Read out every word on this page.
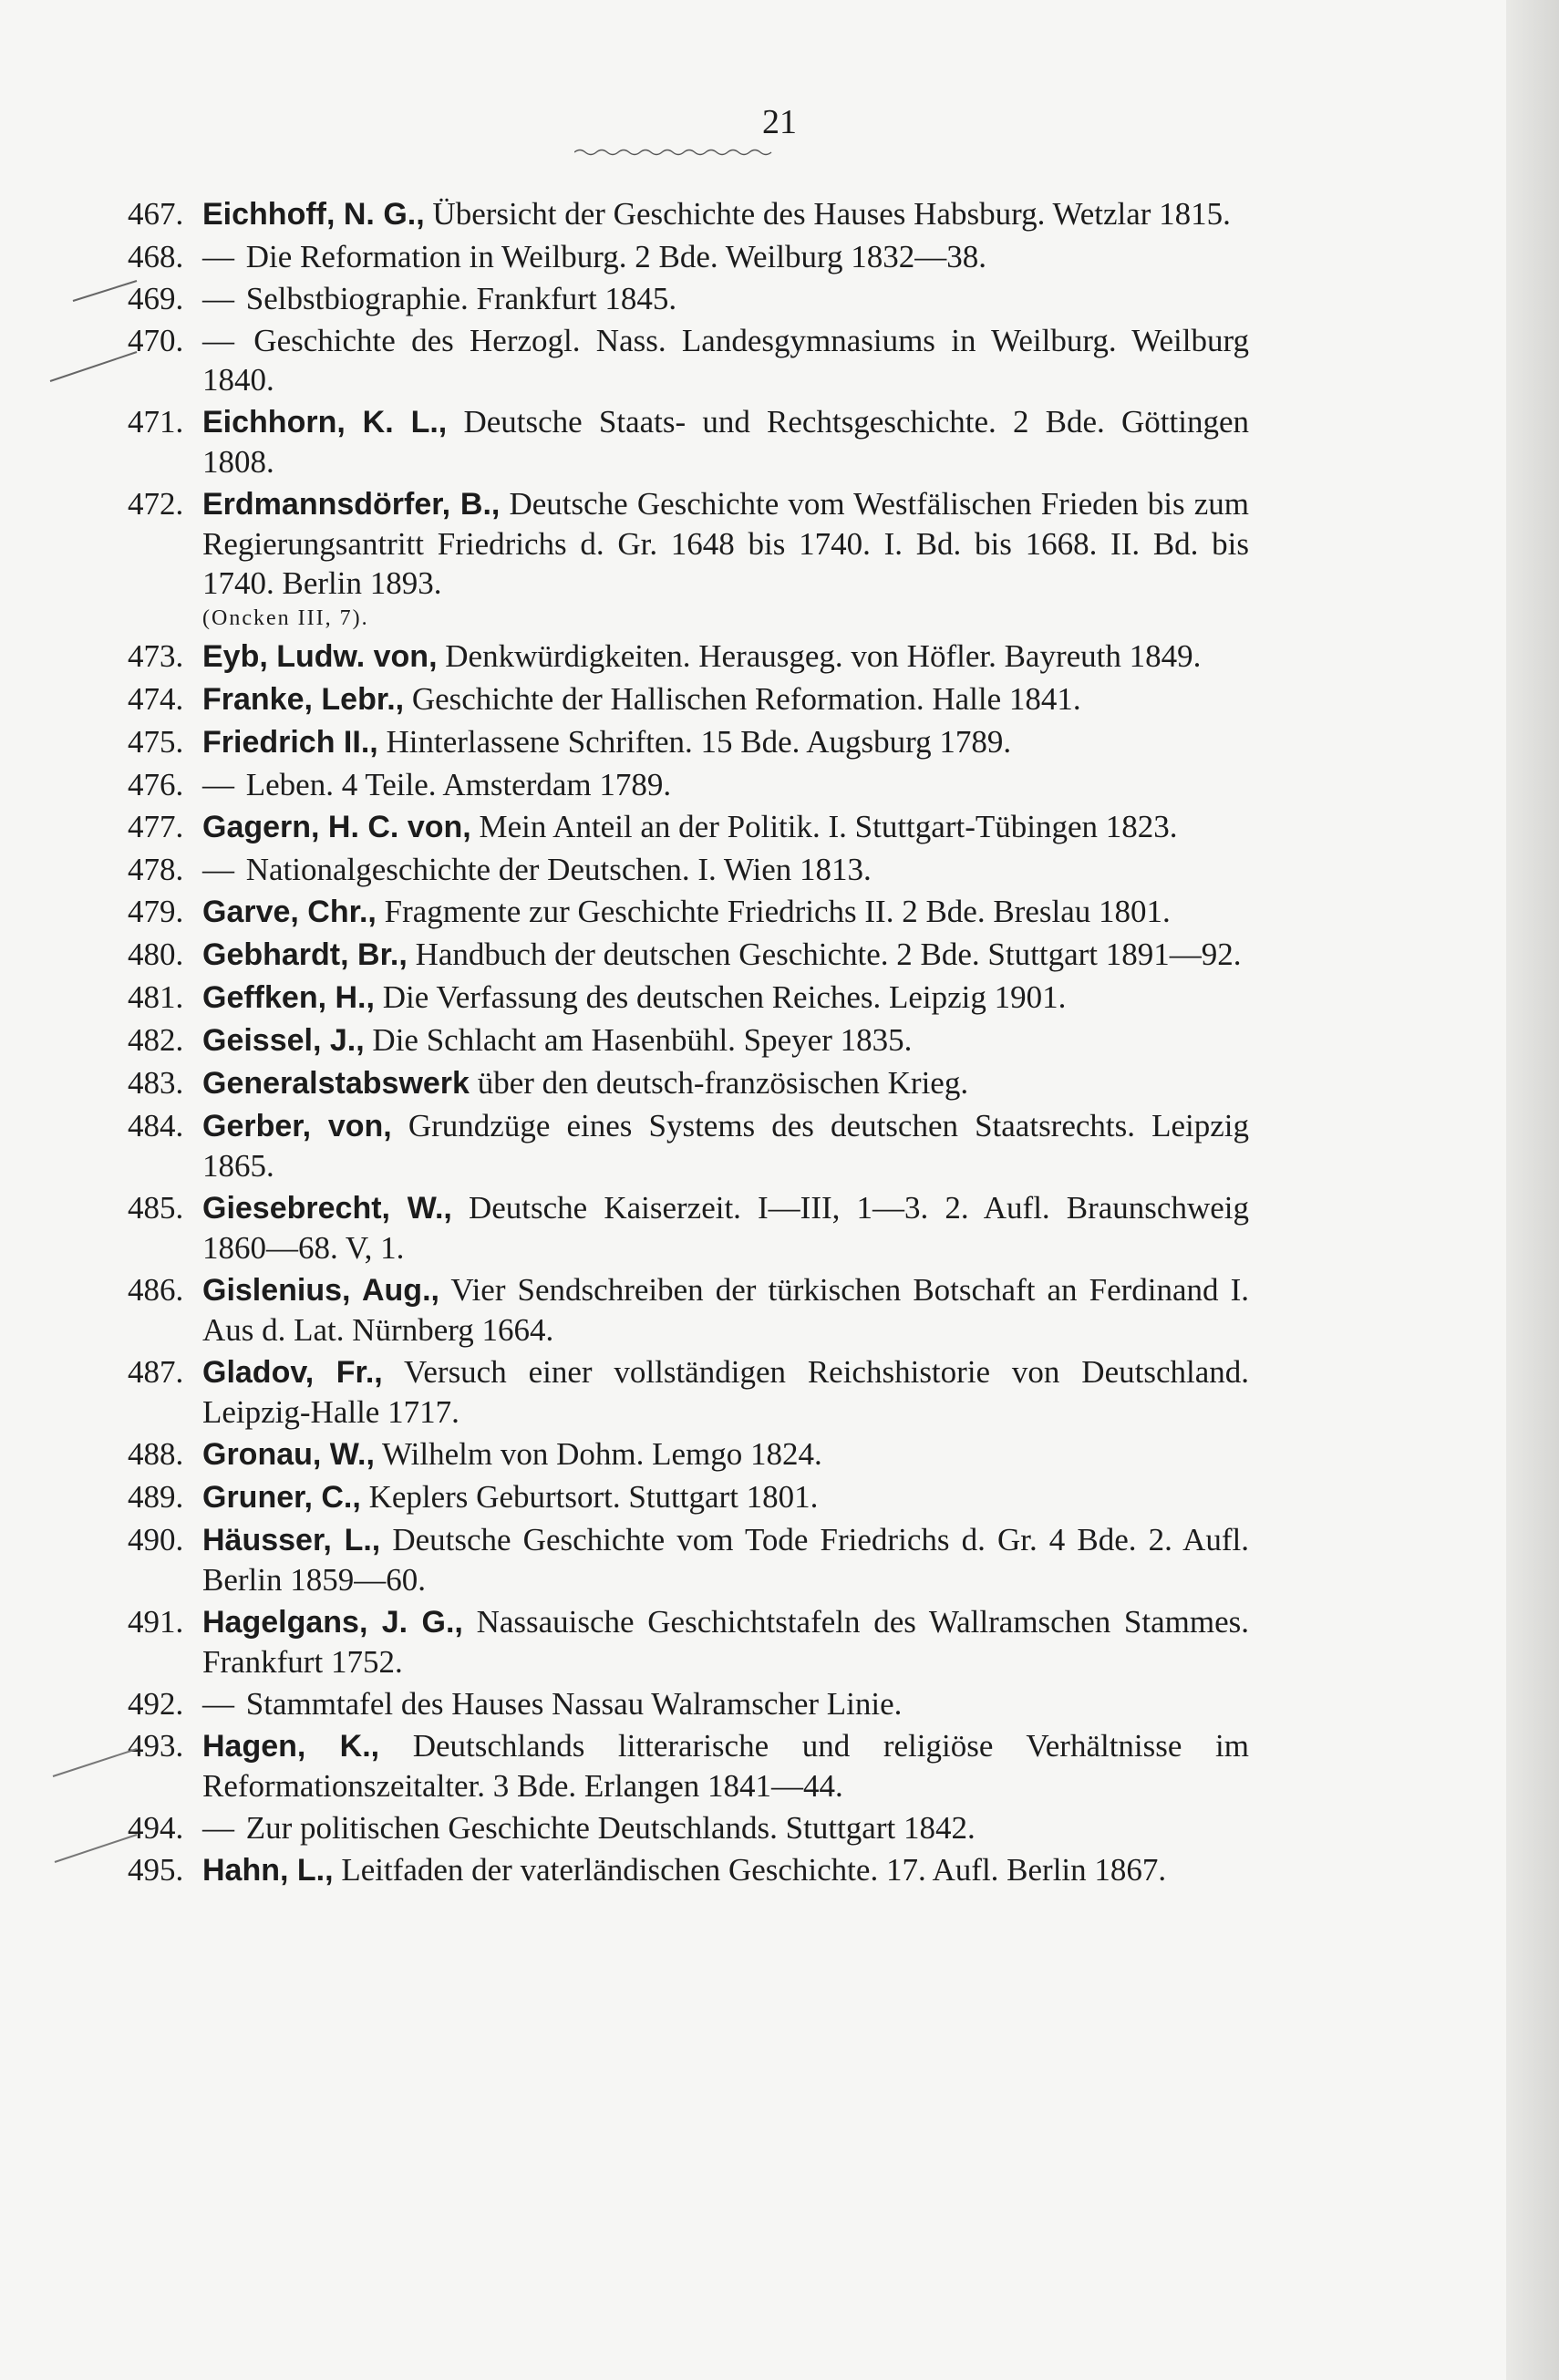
21
467. Eichhoff, N. G., Übersicht der Geschichte des Hauses Habsburg. Wetzlar 1815.
468. — Die Reformation in Weilburg. 2 Bde. Weilburg 1832—38.
469. — Selbstbiographie. Frankfurt 1845.
470. — Geschichte des Herzogl. Nass. Landesgymnasiums in Weilburg. Weilburg 1840.
471. Eichhorn, K. L., Deutsche Staats- und Rechtsgeschichte. 2 Bde. Göttingen 1808.
472. Erdmannsdörfer, B., Deutsche Geschichte vom Westfälischen Frieden bis zum Regierungsantritt Friedrichs d. Gr. 1648 bis 1740. I. Bd. bis 1668. II. Bd. bis 1740. Berlin 1893.
(Oncken III, 7).
473. Eyb, Ludw. von, Denkwürdigkeiten. Herausgeg. von Höfler. Bayreuth 1849.
474. Franke, Lebr., Geschichte der Hallischen Reformation. Halle 1841.
475. Friedrich II., Hinterlassene Schriften. 15 Bde. Augsburg 1789.
476. — Leben. 4 Teile. Amsterdam 1789.
477. Gagern, H. C. von, Mein Anteil an der Politik. I. Stuttgart-Tübingen 1823.
478. — Nationalgeschichte der Deutschen. I. Wien 1813.
479. Garve, Chr., Fragmente zur Geschichte Friedrichs II. 2 Bde. Breslau 1801.
480. Gebhardt, Br., Handbuch der deutschen Geschichte. 2 Bde. Stuttgart 1891—92.
481. Geffken, H., Die Verfassung des deutschen Reiches. Leipzig 1901.
482. Geissel, J., Die Schlacht am Hasenbühl. Speyer 1835.
483. Generalstabswerk über den deutsch-französischen Krieg.
484. Gerber, von, Grundzüge eines Systems des deutschen Staatsrechts. Leipzig 1865.
485. Giesebrecht, W., Deutsche Kaiserzeit. I—III, 1—3. 2. Aufl. Braunschweig 1860—68. V, 1.
486. Gislenius, Aug., Vier Sendschreiben der türkischen Botschaft an Ferdinand I. Aus d. Lat. Nürnberg 1664.
487. Gladov, Fr., Versuch einer vollständigen Reichshistorie von Deutschland. Leipzig-Halle 1717.
488. Gronau, W., Wilhelm von Dohm. Lemgo 1824.
489. Gruner, C., Keplers Geburtsort. Stuttgart 1801.
490. Häusser, L., Deutsche Geschichte vom Tode Friedrichs d. Gr. 4 Bde. 2. Aufl. Berlin 1859—60.
491. Hagelgans, J. G., Nassauische Geschichtstafeln des Wallramschen Stammes. Frankfurt 1752.
492. — Stammtafel des Hauses Nassau Walramscher Linie.
493. Hagen, K., Deutschlands litterarische und religiöse Verhältnisse im Reformationszeitalter. 3 Bde. Erlangen 1841—44.
494. — Zur politischen Geschichte Deutschlands. Stuttgart 1842.
495. Hahn, L., Leitfaden der vaterländischen Geschichte. 17. Aufl. Berlin 1867.
